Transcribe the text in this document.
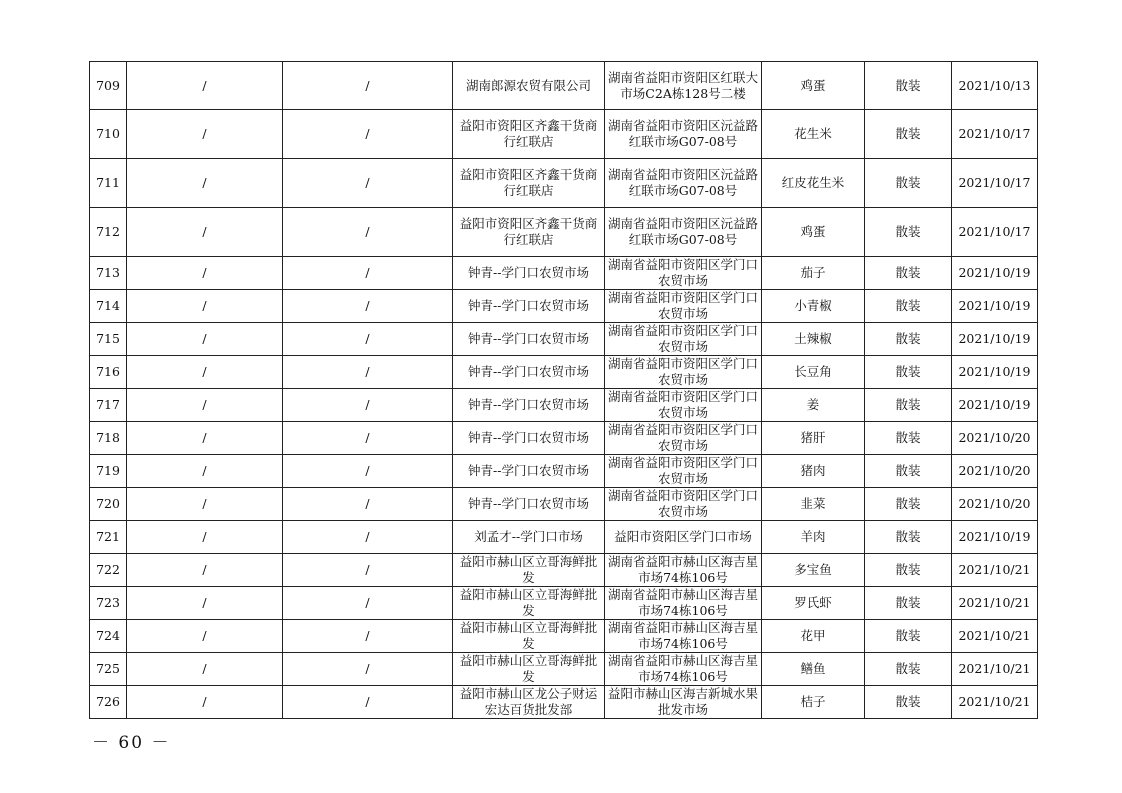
709	/	/	湖南郎源农贸有限公司	湖南省益阳市资阳区红联大市场C2A栋128号二楼	鸡蛋	散装	2021/10/13
710	/	/	益阳市资阳区齐鑫干货商行红联店	湖南省益阳市资阳区沅益路红联市场G07-08号	花生米	散装	2021/10/17
711	/	/	益阳市资阳区齐鑫干货商行红联店	湖南省益阳市资阳区沅益路红联市场G07-08号	红皮花生米	散装	2021/10/17
712	/	/	益阳市资阳区齐鑫干货商行红联店	湖南省益阳市资阳区沅益路红联市场G07-08号	鸡蛋	散装	2021/10/17
713	/	/	钟青--学门口农贸市场	湖南省益阳市资阳区学门口农贸市场	茄子	散装	2021/10/19
714	/	/	钟青--学门口农贸市场	湖南省益阳市资阳区学门口农贸市场	小青椒	散装	2021/10/19
715	/	/	钟青--学门口农贸市场	湖南省益阳市资阳区学门口农贸市场	土辣椒	散装	2021/10/19
716	/	/	钟青--学门口农贸市场	湖南省益阳市资阳区学门口农贸市场	长豆角	散装	2021/10/19
717	/	/	钟青--学门口农贸市场	湖南省益阳市资阳区学门口农贸市场	姜	散装	2021/10/19
718	/	/	钟青--学门口农贸市场	湖南省益阳市资阳区学门口农贸市场	猪肝	散装	2021/10/20
719	/	/	钟青--学门口农贸市场	湖南省益阳市资阳区学门口农贸市场	猪肉	散装	2021/10/20
720	/	/	钟青--学门口农贸市场	湖南省益阳市资阳区学门口农贸市场	韭菜	散装	2021/10/20
721	/	/	刘孟才--学门口市场	益阳市资阳区学门口市场	羊肉	散装	2021/10/19
722	/	/	益阳市赫山区立哥海鲜批发	湖南省益阳市赫山区海吉星市场74栋106号	多宝鱼	散装	2021/10/21
723	/	/	益阳市赫山区立哥海鲜批发	湖南省益阳市赫山区海吉星市场74栋106号	罗氏虾	散装	2021/10/21
724	/	/	益阳市赫山区立哥海鲜批发	湖南省益阳市赫山区海吉星市场74栋106号	花甲	散装	2021/10/21
725	/	/	益阳市赫山区立哥海鲜批发	湖南省益阳市赫山区海吉星市场74栋106号	鳝鱼	散装	2021/10/21
726	/	/	益阳市赫山区龙公子财运宏达百货批发部	益阳市赫山区海吉新城水果批发市场	桔子	散装	2021/10/21
－ 60 －
